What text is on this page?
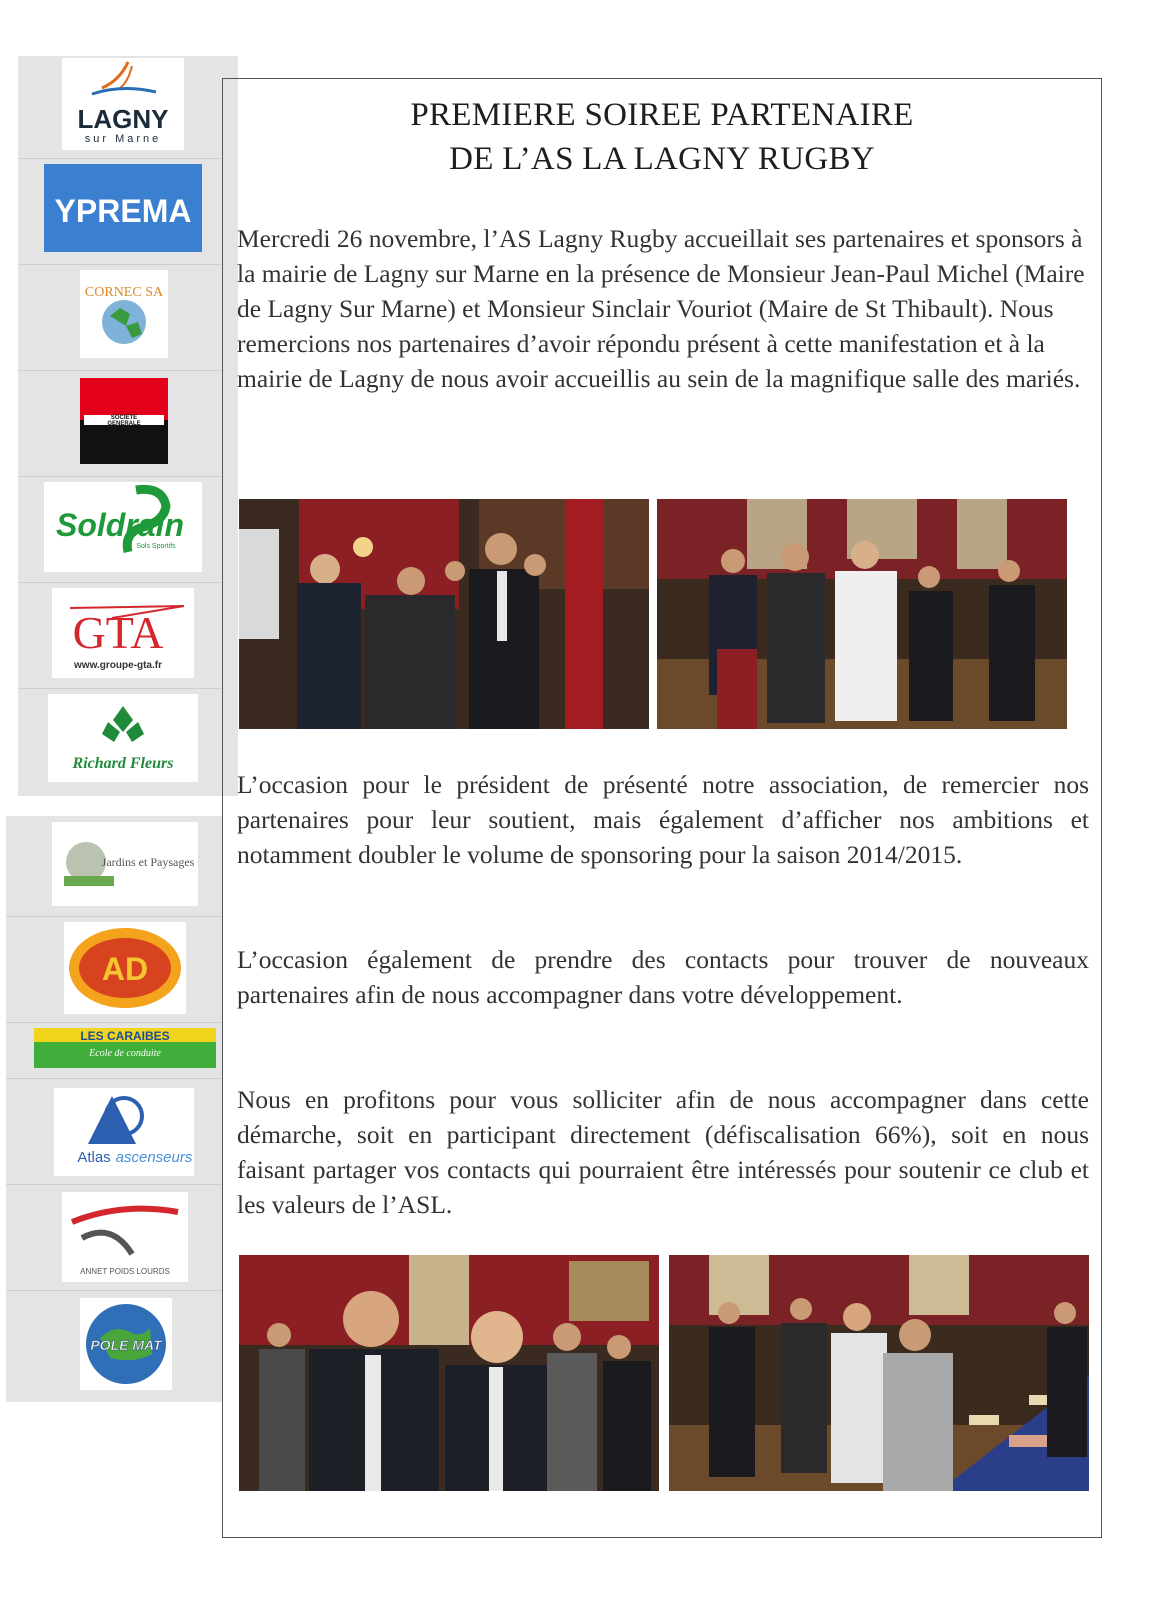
LAGNY
sur Marne
YPREMA
CORNEC SA
SOCIETE
GENERALE
Soldrain
Sols Sportifs
GTA
www.groupe-gta.fr
Richard Fleurs
Jardins et Paysages
AD
LES CARAIBES
Ecole de conduite
Atlas ascenseurs
ANNET POIDS LOURDS
POLE MAT
PREMIERE SOIREE PARTENAIRE
DE L’AS LA LAGNY RUGBY
Mercredi 26 novembre, l’AS Lagny Rugby accueillait ses partenaires et sponsors à la mairie de Lagny sur Marne en la présence de Monsieur Jean-Paul Michel (Maire de Lagny Sur Marne) et Monsieur Sinclair Vouriot (Maire de St Thibault). Nous remercions nos partenaires d’avoir répondu présent à cette manifestation et à la mairie de Lagny de nous avoir accueillis au sein de la magnifique salle des mariés.
L’occasion pour le président de présenté notre association, de remercier nos partenaires pour leur soutient, mais également d’afficher nos ambitions et notamment doubler le volume de sponsoring pour la saison 2014/2015.
L’occasion également de prendre des contacts pour trouver de nouveaux partenaires afin de nous accompagner dans votre développement.
Nous en profitons pour vous solliciter afin de nous accompagner dans cette démarche, soit en participant directement (défiscalisation 66%), soit en nous faisant partager vos contacts qui pourraient être intéressés pour soutenir ce club et les valeurs de l’ASL.
